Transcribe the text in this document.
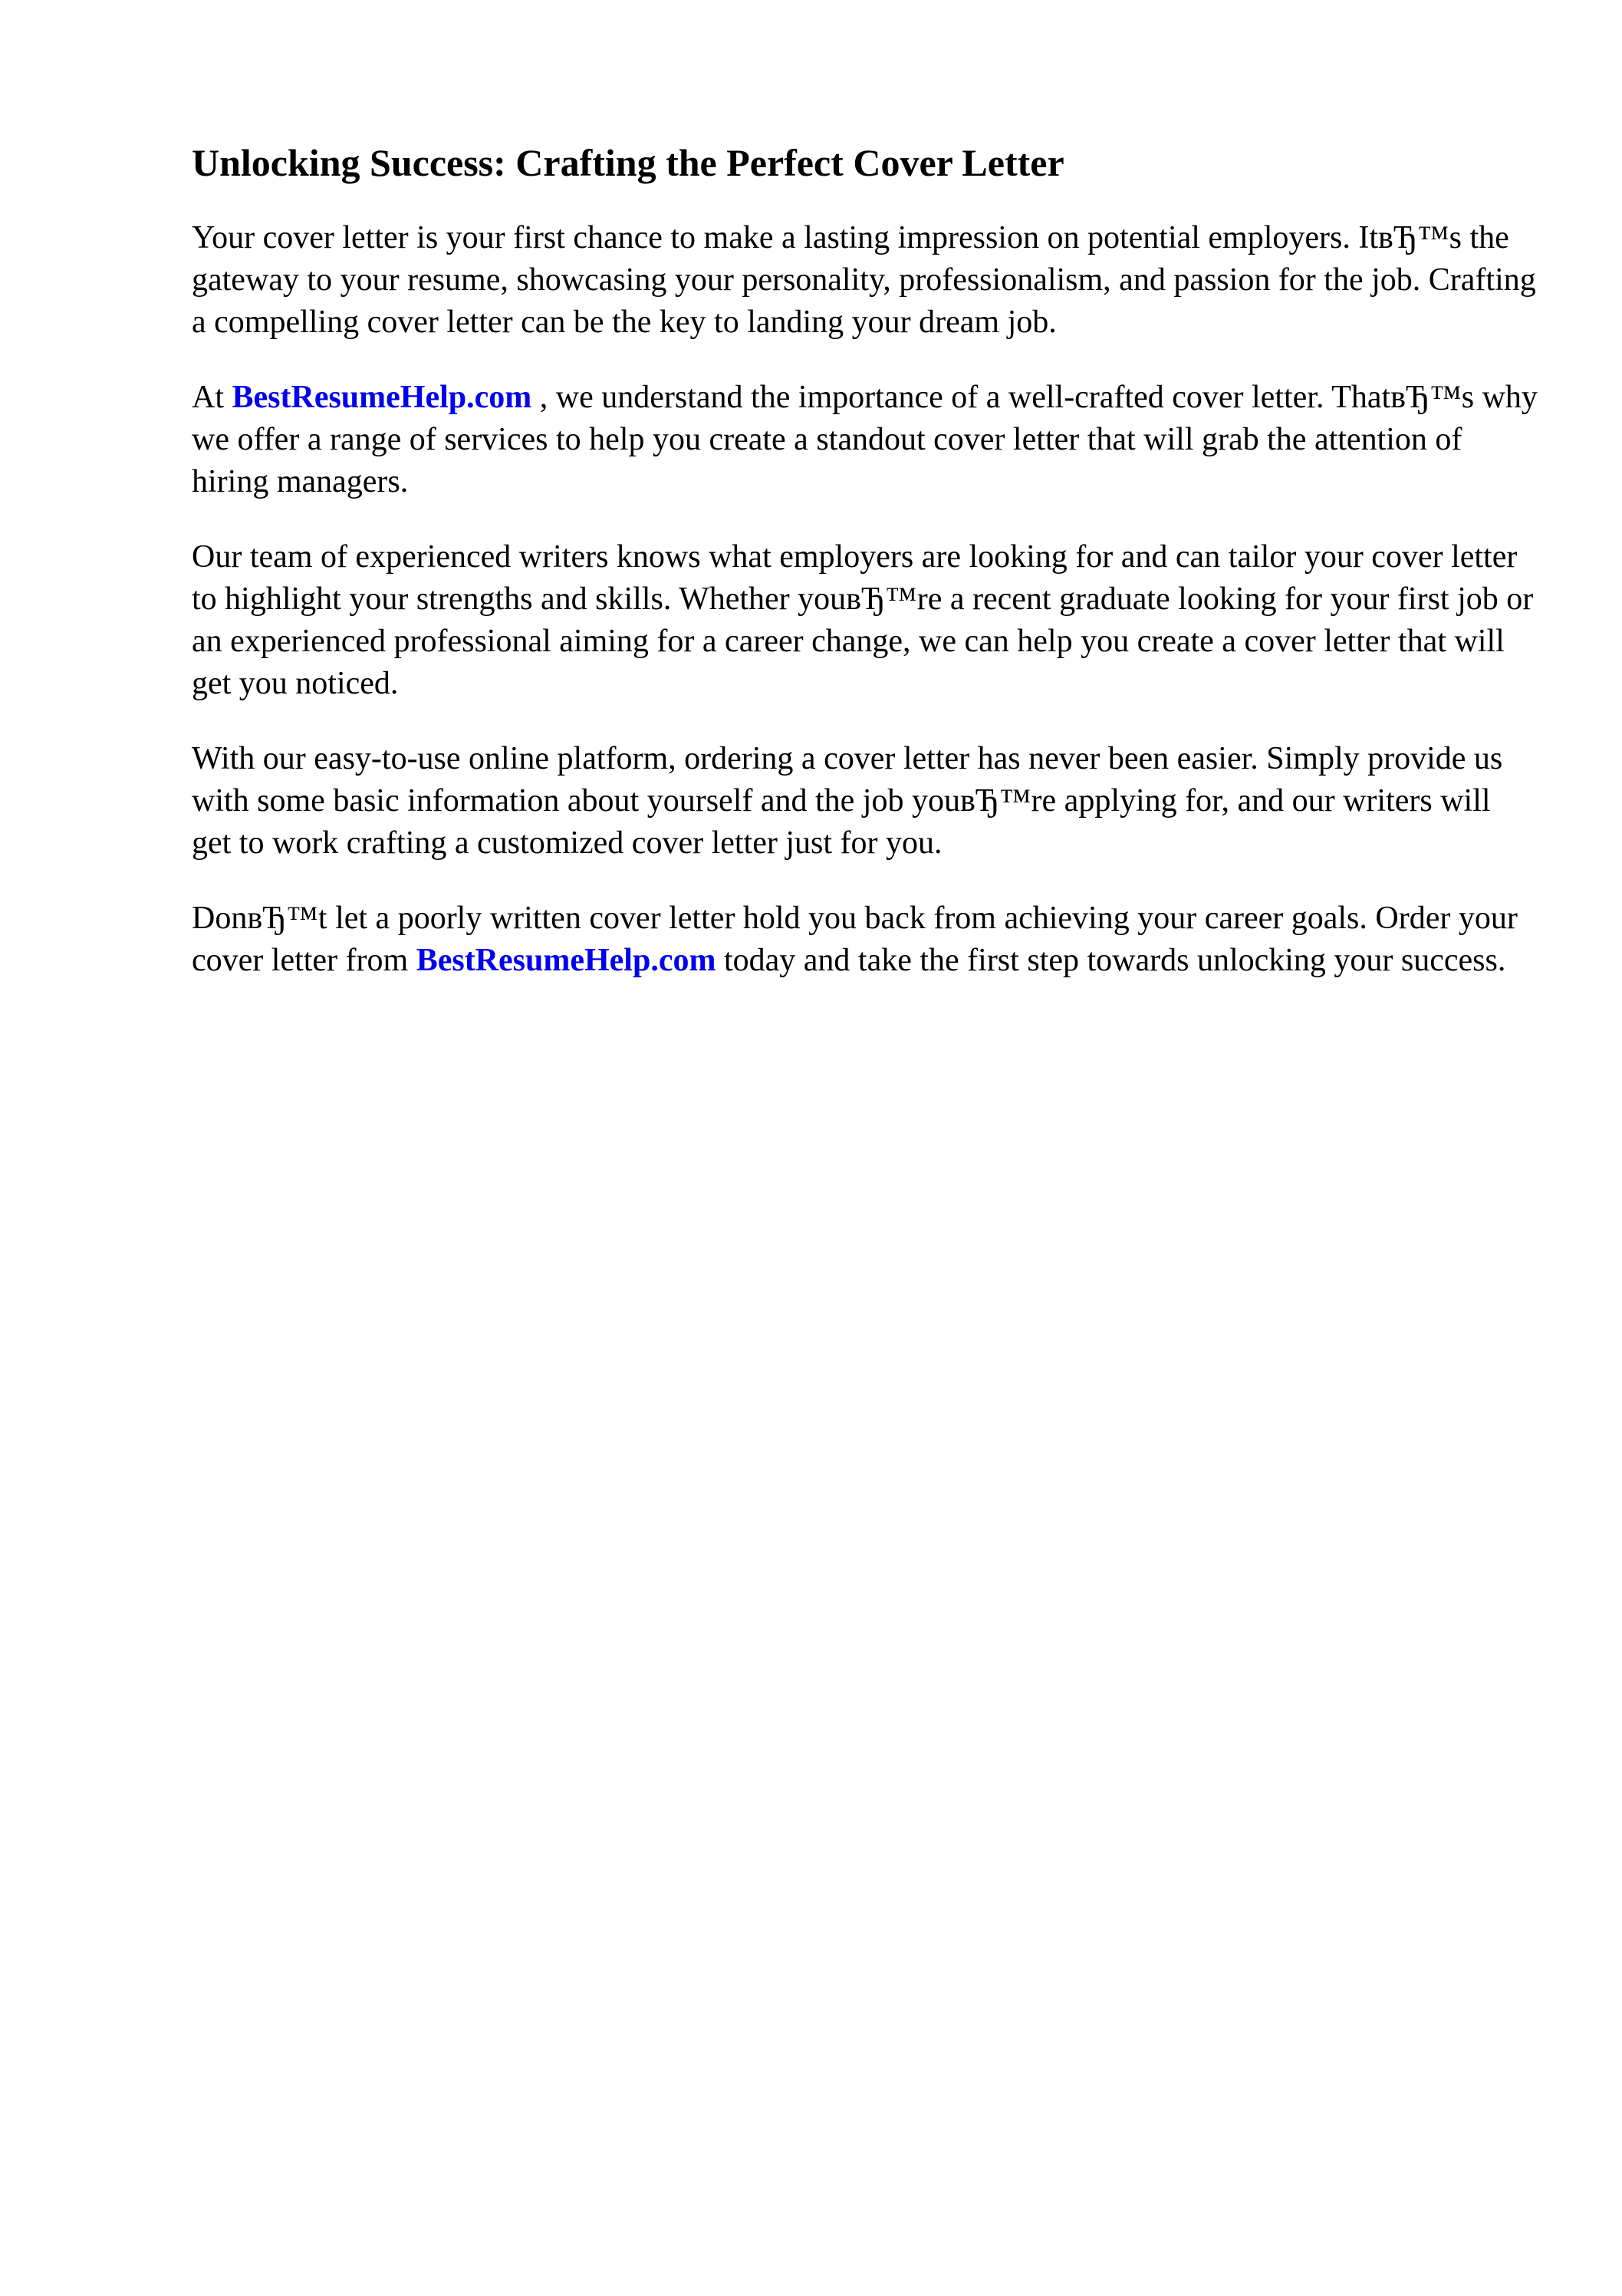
Unlocking Success: Crafting the Perfect Cover Letter

Your cover letter is your first chance to make a lasting impression on potential employers. ItвЂ™s the gateway to your resume, showcasing your personality, professionalism, and passion for the job. Crafting a compelling cover letter can be the key to landing your dream job.

At BestResumeHelp.com , we understand the importance of a well-crafted cover letter. ThatвЂ™s why we offer a range of services to help you create a standout cover letter that will grab the attention of hiring managers.

Our team of experienced writers knows what employers are looking for and can tailor your cover letter to highlight your strengths and skills. Whether youвЂ™re a recent graduate looking for your first job or an experienced professional aiming for a career change, we can help you create a cover letter that will get you noticed.

With our easy-to-use online platform, ordering a cover letter has never been easier. Simply provide us with some basic information about yourself and the job youвЂ™re applying for, and our writers will get to work crafting a customized cover letter just for you.

DonвЂ™t let a poorly written cover letter hold you back from achieving your career goals. Order your cover letter from BestResumeHelp.com today and take the first step towards unlocking your success.
